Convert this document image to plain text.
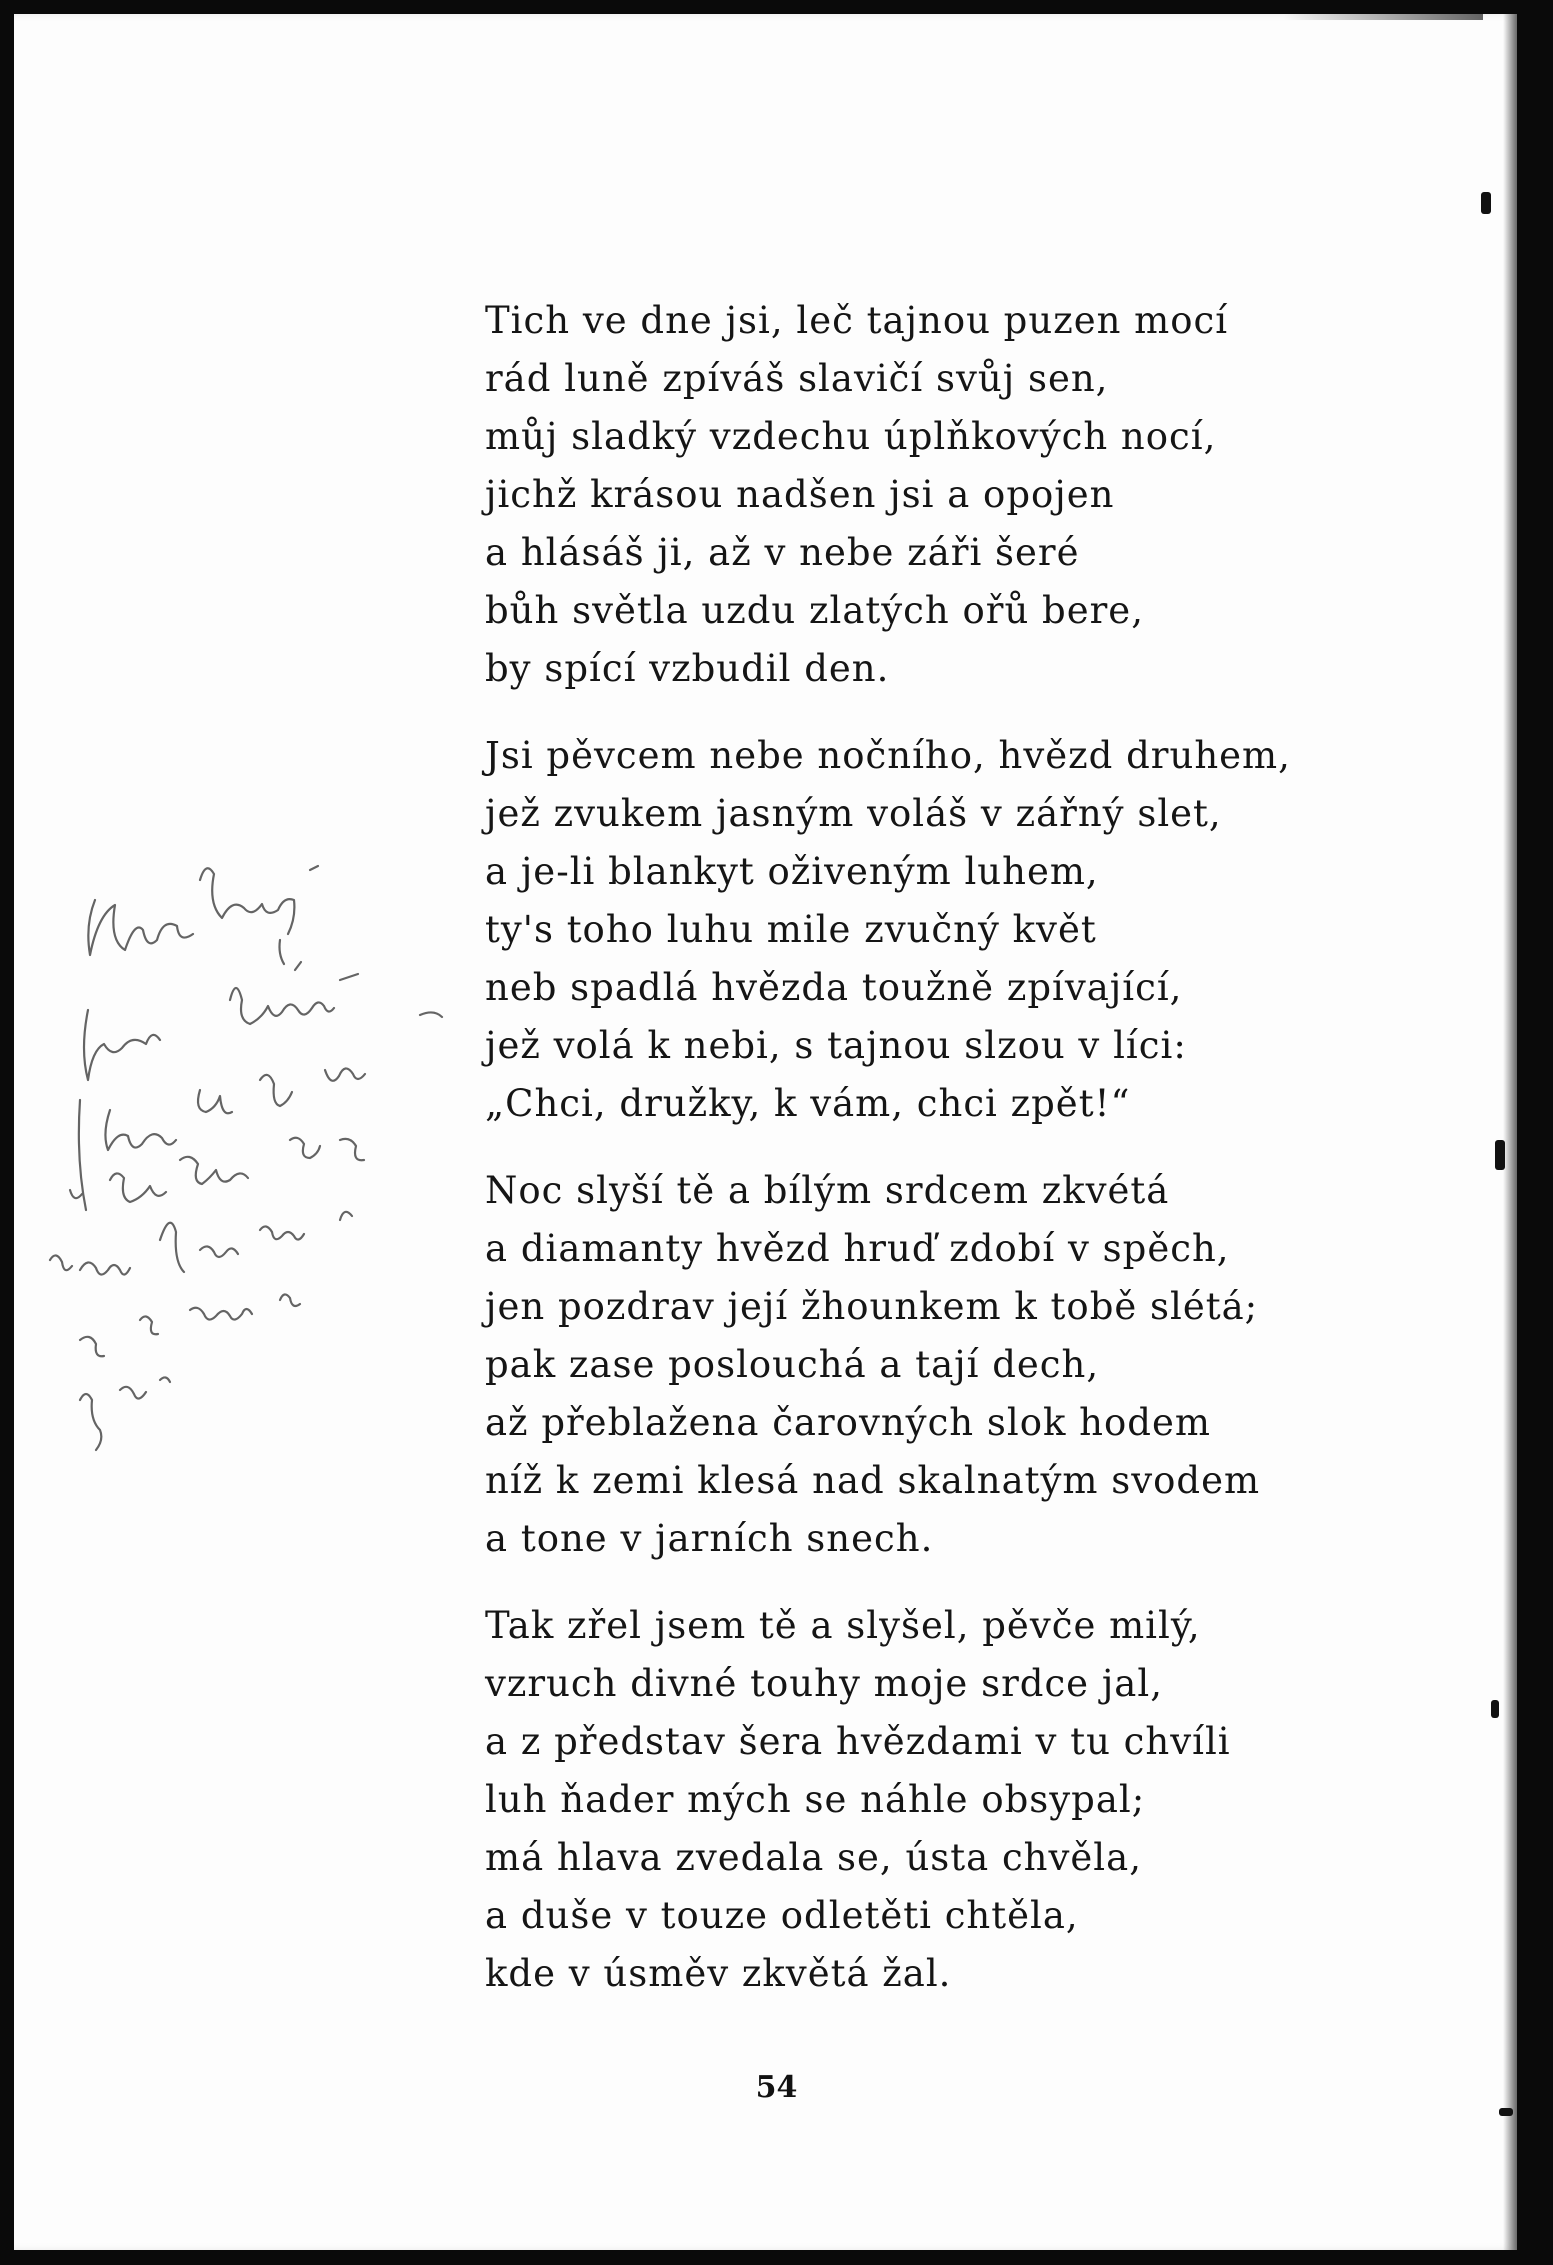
Tich ve dne jsi, leč tajnou puzen mocí
rád luně zpíváš slavičí svůj sen,
můj sladký vzdechu úplňkových nocí,
jichž krásou nadšen jsi a opojen
a hlásáš ji, až v nebe záři šeré
bůh světla uzdu zlatých ořů bere,
by spící vzbudil den.
Jsi pěvcem nebe nočního, hvězd druhem,
jež zvukem jasným voláš v zářný slet,
a je-li blankyt oživeným luhem,
ty's toho luhu mile zvučný květ
neb spadlá hvězda toužně zpívající,
jež volá k nebi, s tajnou slzou v líci:
„Chci, družky, k vám, chci zpět!“
Noc slyší tě a bílým srdcem zkvétá
a diamanty hvězd hruď zdobí v spěch,
jen pozdrav její žhounkem k tobě slétá;
pak zase poslouchá a tají dech,
až přeblažena čarovných slok hodem
níž k zemi klesá nad skalnatým svodem
a tone v jarních snech.
Tak zřel jsem tě a slyšel, pěvče milý,
vzruch divné touhy moje srdce jal,
a z představ šera hvězdami v tu chvíli
luh ňader mých se náhle obsypal;
má hlava zvedala se, ústa chvěla,
a duše v touze odletěti chtěla,
kde v úsměv zkvětá žal.
54
